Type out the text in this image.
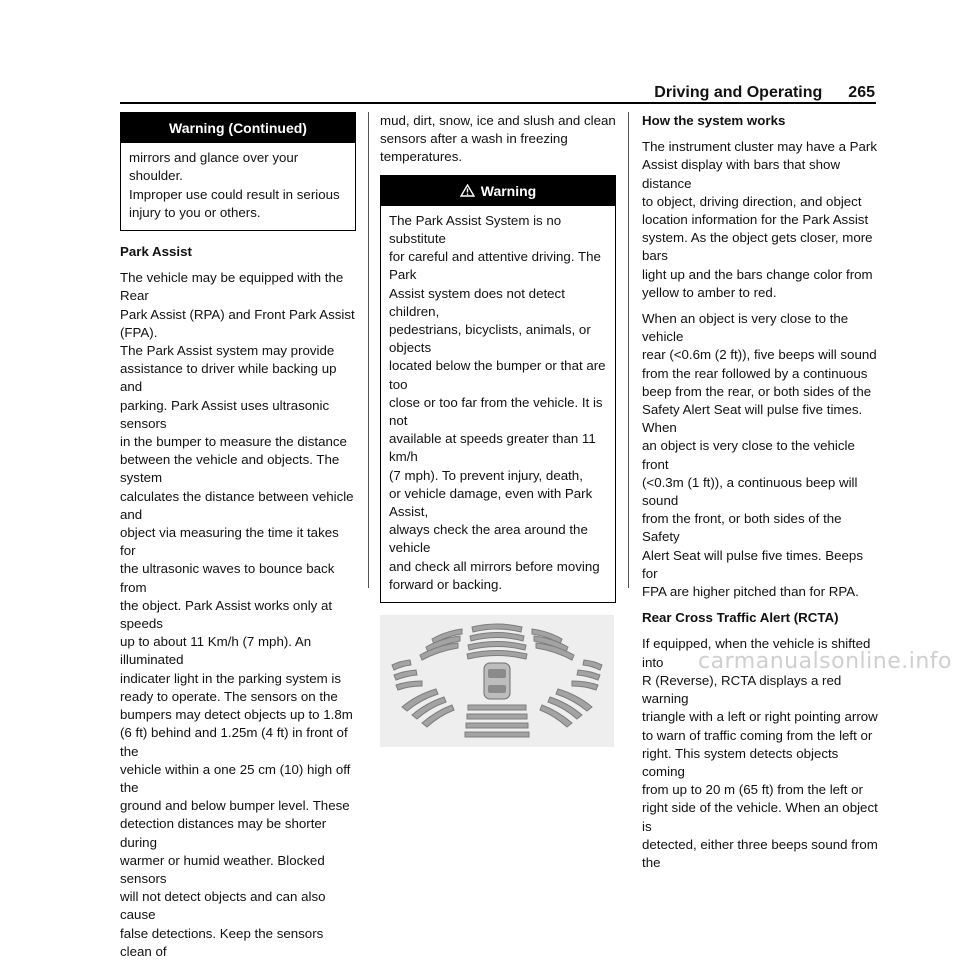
Driving and Operating 265
Warning (Continued)

mirrors and glance over your shoulder.
Improper use could result in serious
injury to you or others.

Park Assist

The vehicle may be equipped with the Rear
Park Assist (RPA) and Front Park Assist (FPA).
The Park Assist system may provide
assistance to driver while backing up and
parking. Park Assist uses ultrasonic sensors
in the bumper to measure the distance
between the vehicle and objects. The system
calculates the distance between vehicle and
object via measuring the time it takes for
the ultrasonic waves to bounce back from
the object. Park Assist works only at speeds
up to about 11 Km/h (7 mph). An illuminated
indicater light in the parking system is
ready to operate. The sensors on the
bumpers may detect objects up to 1.8m
(6 ft) behind and 1.25m (4 ft) in front of the
vehicle within a one 25 cm (10) high off the
ground and below bumper level. These
detection distances may be shorter during
warmer or humid weather. Blocked sensors
will not detect objects and can also cause
false detections. Keep the sensors clean of

mud, dirt, snow, ice and slush and clean
sensors after a wash in freezing
temperatures.

Warning

The Park Assist System is no substitute
for careful and attentive driving. The Park
Assist system does not detect children,
pedestrians, bicyclists, animals, or objects
located below the bumper or that are too
close or too far from the vehicle. It is not
available at speeds greater than 11 km/h
(7 mph). To prevent injury, death,
or vehicle damage, even with Park Assist,
always check the area around the vehicle
and check all mirrors before moving
forward or backing.

How the system works

The instrument cluster may have a Park
Assist display with bars that show distance
to object, driving direction, and object
location information for the Park Assist
system. As the object gets closer, more bars
light up and the bars change color from
yellow to amber to red.

When an object is very close to the vehicle
rear (<0.6m (2 ft)), five beeps will sound
from the rear followed by a continuous
beep from the rear, or both sides of the
Safety Alert Seat will pulse five times. When
an object is very close to the vehicle front
(<0.3m (1 ft)), a continuous beep will sound
from the front, or both sides of the Safety
Alert Seat will pulse five times. Beeps for
FPA are higher pitched than for RPA.

Rear Cross Traffic Alert (RCTA)

If equipped, when the vehicle is shifted into
R (Reverse), RCTA displays a red warning
triangle with a left or right pointing arrow
to warn of traffic coming from the left or
right. This system detects objects coming
from up to 20 m (65 ft) from the left or
right side of the vehicle. When an object is
detected, either three beeps sound from the

carmanualsonline.info
